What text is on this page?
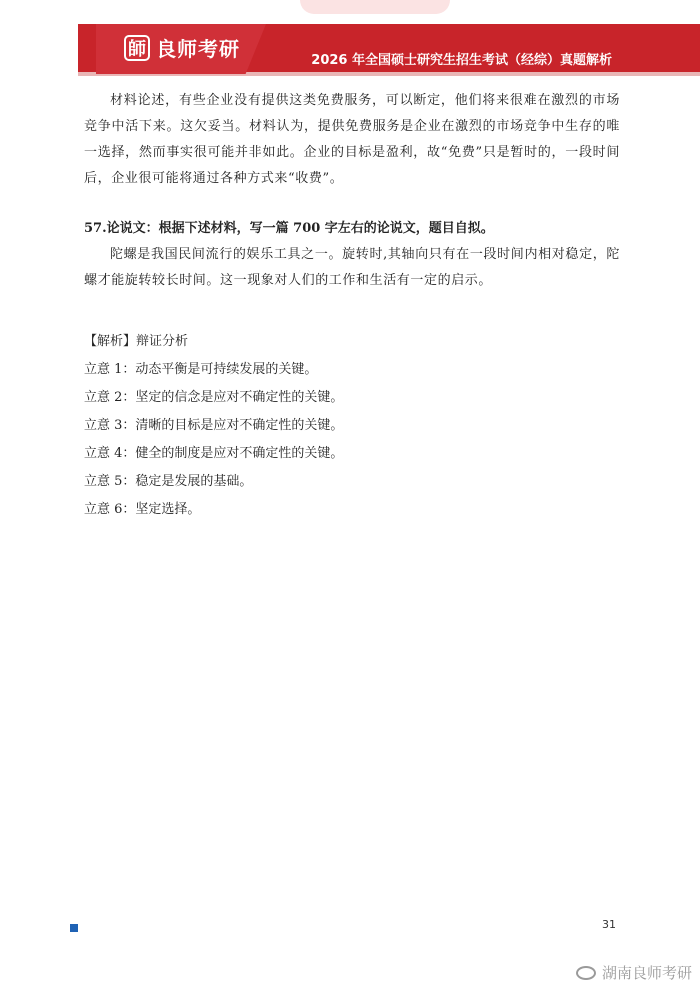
師 良师考研	2026 年全国硕士研究生招生考试（经综）真题解析

材料论述，有些企业没有提供这类免费服务，可以断定，他们将来很难在激烈的市场竞争中活下来。这欠妥当。材料认为，提供免费服务是企业在激烈的市场竞争中生存的唯一选择，然而事实很可能并非如此。企业的目标是盈利，故“免费”只是暂时的，一段时间后，企业很可能将通过各种方式来“收费”。

57.论说文：根据下述材料，写一篇 700 字左右的论说文，题目自拟。

陀螺是我国民间流行的娱乐工具之一。旋转时,其轴向只有在一段时间内相对稳定，陀螺才能旋转较长时间。这一现象对人们的工作和生活有一定的启示。

【解析】辩证分析
立意 1：动态平衡是可持续发展的关键。
立意 2：坚定的信念是应对不确定性的关键。
立意 3：清晰的目标是应对不确定性的关键。
立意 4：健全的制度是应对不确定性的关键。
立意 5：稳定是发展的基础。
立意 6：坚定选择。
31
湖南良师考研
